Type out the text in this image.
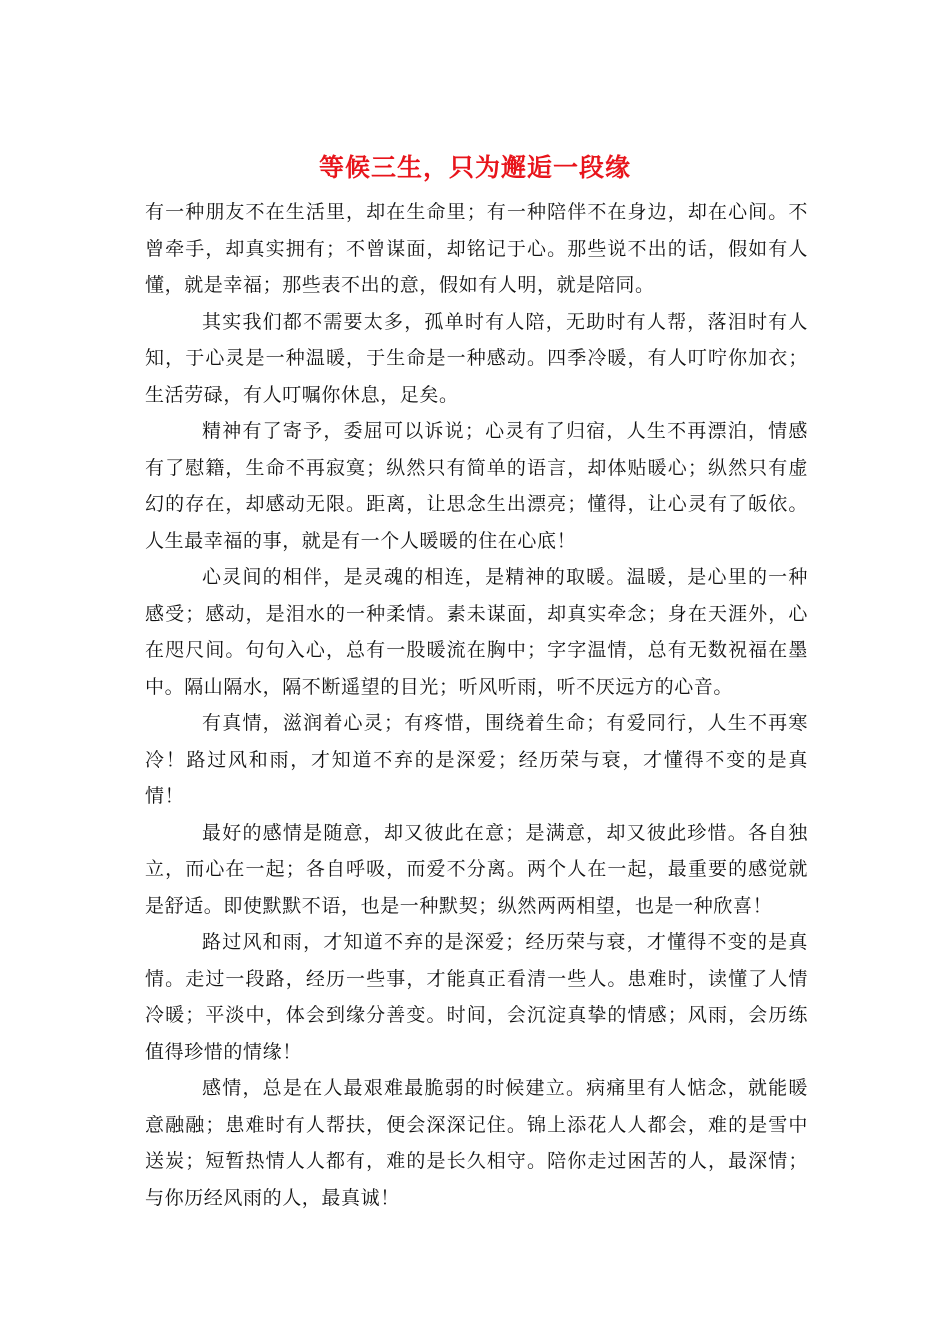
等候三生，只为邂逅一段缘

有一种朋友不在生活里，却在生命里；有一种陪伴不在身边，却在心间。不曾牵手，却真实拥有；不曾谋面，却铭记于心。那些说不出的话，假如有人懂，就是幸福；那些表不出的意，假如有人明，就是陪同。

其实我们都不需要太多，孤单时有人陪，无助时有人帮，落泪时有人知，于心灵是一种温暖，于生命是一种感动。四季冷暖，有人叮咛你加衣；生活劳碌，有人叮嘱你休息，足矣。

精神有了寄予，委屈可以诉说；心灵有了归宿，人生不再漂泊，情感有了慰籍，生命不再寂寞；纵然只有简单的语言，却体贴暖心；纵然只有虚幻的存在，却感动无限。距离，让思念生出漂亮；懂得，让心灵有了皈依。人生最幸福的事，就是有一个人暖暖的住在心底！

心灵间的相伴，是灵魂的相连，是精神的取暖。温暖，是心里的一种感受；感动，是泪水的一种柔情。素未谋面，却真实牵念；身在天涯外，心在咫尺间。句句入心，总有一股暖流在胸中；字字温情，总有无数祝福在墨中。隔山隔水，隔不断遥望的目光；听风听雨，听不厌远方的心音。

有真情，滋润着心灵；有疼惜，围绕着生命；有爱同行，人生不再寒冷！路过风和雨，才知道不弃的是深爱；经历荣与衰，才懂得不变的是真情！

最好的感情是随意，却又彼此在意；是满意，却又彼此珍惜。各自独立，而心在一起；各自呼吸，而爱不分离。两个人在一起，最重要的感觉就是舒适。即使默默不语，也是一种默契；纵然两两相望，也是一种欣喜！

路过风和雨，才知道不弃的是深爱；经历荣与衰，才懂得不变的是真情。走过一段路，经历一些事，才能真正看清一些人。患难时，读懂了人情冷暖；平淡中，体会到缘分善变。时间，会沉淀真挚的情感；风雨，会历练值得珍惜的情缘！

感情，总是在人最艰难最脆弱的时候建立。病痛里有人惦念，就能暖意融融；患难时有人帮扶，便会深深记住。锦上添花人人都会，难的是雪中送炭；短暂热情人人都有，难的是长久相守。陪你走过困苦的人，最深情；与你历经风雨的人，最真诚！
